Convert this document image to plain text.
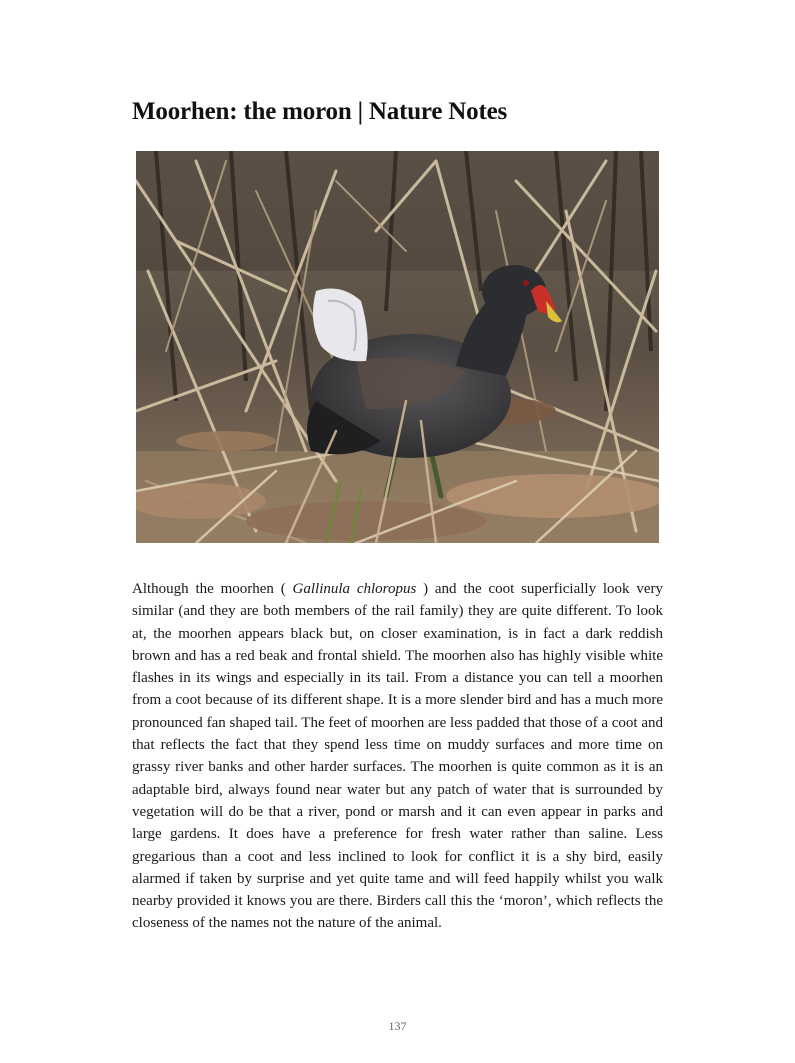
Moorhen: the moron | Nature Notes

Although the moorhen ( Gallinula chloropus ) and the coot superficially look very similar (and they are both members of the rail family) they are quite different. To look at, the moorhen appears black but, on closer examination, is in fact a dark reddish brown and has a red beak and frontal shield. The moorhen also has highly visible white flashes in its wings and especially in its tail. From a distance you can tell a moorhen from a coot because of its different shape. It is a more slender bird and has a much more pronounced fan shaped tail. The feet of moorhen are less padded that those of a coot and that reflects the fact that they spend less time on muddy surfaces and more time on grassy river banks and other harder surfaces. The moorhen is quite common as it is an adaptable bird, always found near water but any patch of water that is surrounded by vegetation will do be that a river, pond or marsh and it can even appear in parks and large gardens. It does have a preference for fresh water rather than saline. Less gregarious than a coot and less inclined to look for conflict it is a shy bird, easily alarmed if taken by surprise and yet quite tame and will feed happily whilst you walk nearby provided it knows you are there. Birders call this the ‘moron’, which reflects the closeness of the names not the nature of the animal.

137
